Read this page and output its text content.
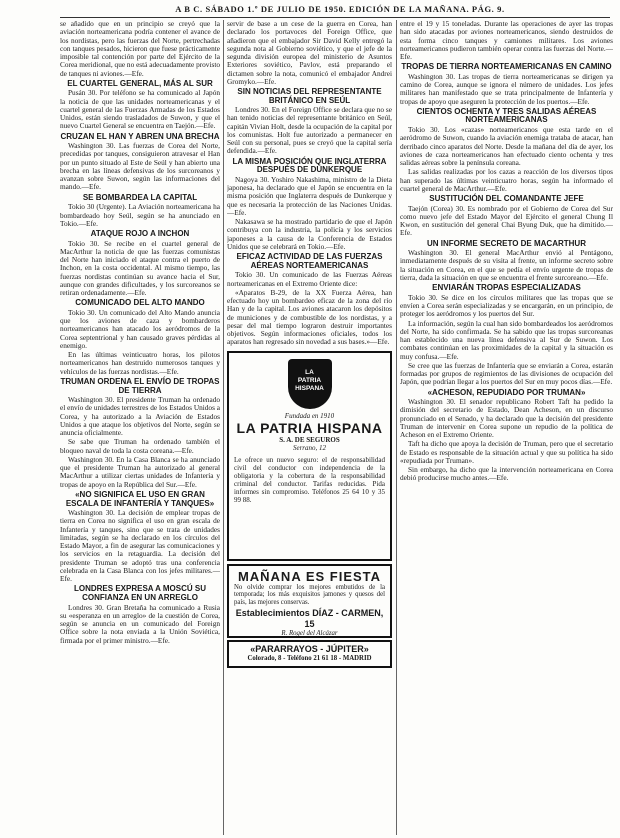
A B C. SÁBADO 1.º DE JULIO DE 1950. EDICIÓN DE LA MAÑANA. PÁG. 9.

se añadido que en un principio se creyó que la aviación norteamericana podría contener el avance de los nordistas, pero las fuerzas del Norte, pertrechadas con tanques pesados, hicieron que fuese prácticamente imposible tal contención por parte del Ejército de la Corea meridional, que no está adecuadamente provisto de tanques ni aviones.—Efe.

EL CUARTEL GENERAL, MÁS AL SUR

Pusán 30. Por teléfono se ha comunicado al Japón la noticia de que las unidades norteamericanas y el cuartel general de las Fuerzas Armadas de los Estados Unidos, están siendo trasladados de Suwon, y que el nuevo Cuartel General se encuentra en Taejón.—Efe.

CRUZAN EL HAN Y ABREN UNA BRECHA

Washington 30. Las fuerzas de Corea del Norte, precedidas por tanques, consiguieron atravesar el Han por un punto situado al Este de Seúl y han abierto una brecha en las líneas defensivas de los surcoreanos y avanzan sobre Suwon, según las informaciones del mando.—Efe.

SE BOMBARDEA LA CAPITAL

Tokio 30 (Urgente). La Aviación norteamericana ha bombardeado hoy Seúl, según se ha anunciado en Tokio.—Efe.

ATAQUE ROJO A INCHON

Tokio 30. Se recibe en el cuartel general de MacArthur la noticia de que las fuerzas comunistas del Norte han iniciado el ataque contra el puerto de Inchon, en la costa occidental. Al mismo tiempo, las fuerzas nordistas continúan su avance hacia el Sur, aunque con grandes dificultades, y los surcoreanos se retiran ordenadamente.—Efe.

COMUNICADO DEL ALTO MANDO

Tokio 30. Un comunicado del Alto Mando anuncia que los aviones de caza y bombarderos norteamericanos han atacado los aeródromos de la Corea septentrional y han causado graves pérdidas al enemigo.

En las últimas veinticuatro horas, los pilotos norteamericanos han destruido numerosos tanques y vehículos de las fuerzas nordistas.—Efe.

TRUMAN ORDENA EL ENVÍO DE TROPAS DE TIERRA

Washington 30. El presidente Truman ha ordenado el envío de unidades terrestres de los Estados Unidos a Corea, y ha autorizado a la Aviación de Estados Unidos a que ataque los objetivos del Norte, según se anuncia oficialmente.

Se sabe que Truman ha ordenado también el bloqueo naval de toda la costa coreana.—Efe.

Washington 30. En la Casa Blanca se ha anunciado que el presidente Truman ha autorizado al general MacArthur a utilizar ciertas unidades de Infantería y tropas de apoyo en la República del Sur.—Efe.

«NO SIGNIFICA EL USO EN GRAN ESCALA DE INFANTERÍA Y TANQUES»

Washington 30. La decisión de emplear tropas de tierra en Corea no significa el uso en gran escala de Infantería y tanques, sino que se trata de unidades limitadas, según se ha declarado en los círculos del Estado Mayor, a fin de asegurar las comunicaciones y los servicios en la retaguardia. La decisión del presidente Truman se adoptó tras una conferencia celebrada en la Casa Blanca con los jefes militares.—Efe.

LONDRES EXPRESA A MOSCÚ SU CONFIANZA EN UN ARREGLO

Londres 30. Gran Bretaña ha comunicado a Rusia su «esperanza en un arreglo» de la cuestión de Corea, según se anuncia en un comunicado del Foreign Office sobre la nota enviada a la Unión Soviética, firmada por el primer ministro.—Efe.

servir de base a un cese de la guerra en Corea, han declarado los portavoces del Foreign Office, que añadieron que el embajador Sir David Kelly entregó la segunda nota al Gobierno soviético, y que el jefe de la segunda división europea del ministerio de Asuntos Exteriores soviético, Pavlov, está preparando el dictamen sobre la nota, comunicó el embajador Andrei Gromyko.—Efe.

SIN NOTICIAS DEL REPRESENTANTE BRITÁNICO EN SEÚL

Londres 30. En el Foreign Office se declara que no se han tenido noticias del representante británico en Seúl, capitán Vivian Holt, desde la ocupación de la capital por los comunistas. Holt fue autorizado a permanecer en Seúl con su personal, pues se creyó que la capital sería defendida.—Efe.

LA MISMA POSICIÓN QUE INGLATERRA DESPUÉS DE DUNKERQUE

Nagoya 30. Yoshiro Nakashima, ministro de la Dieta japonesa, ha declarado que el Japón se encuentra en la misma posición que Inglaterra después de Dunkerque y que es necesaria la protección de las Naciones Unidas.—Efe.

Nakasawa se ha mostrado partidario de que el Japón contribuya con la industria, la policía y los servicios japoneses a la causa de la Conferencia de Estados Unidos que se celebrará en Tokio.—Efe.

EFICAZ ACTIVIDAD DE LAS FUERZAS AÉREAS NORTEAMERICANAS

Tokio 30. Un comunicado de las Fuerzas Aéreas norteamericanas en el Extremo Oriente dice:

«Aparatos B-29, de la XX Fuerza Aérea, han efectuado hoy un bombardeo eficaz de la zona del río Han y de la capital. Los aviones atacaron los depósitos de municiones y de combustible de los nordistas, y a pesar del mal tiempo lograron destruir importantes objetivos. Según informaciones oficiales, todos los aparatos han regresado sin novedad a sus bases.»—Efe.

LA
PATRIA
HISPANA
Fundada en 1910
LA PATRIA HISPANA
S. A. DE SEGUROS
Serrano, 12
Le ofrece un nuevo seguro: el de responsabilidad civil del conductor con independencia de la obligatoria y la cobertura de la responsabilidad criminal del conductor. Tarifas reducidas. Pida informes sin compromiso. Teléfonos 25 64 10 y 35 99 88.
MAÑANA ES FIESTA
No olvide comprar los mejores embutidos de la temporada; los más exquisitos jamones y quesos del país, las mejores conservas.
Establecimientos DÍAZ - CARMEN, 15
R. Rogel del Alcázar
«PARARRAYOS - JÚPITER»
Colorado, 8 - Teléfono 21 61 18 - MADRID

entre el 19 y 15 toneladas. Durante las operaciones de ayer las tropas han sido atacadas por aviones norteamericanos, siendo destruidos de esta forma cinco tanques y camiones militares. Los aviones norteamericanos pudieron también operar contra las fuerzas del Norte.—Efe.

TROPAS DE TIERRA NORTEAMERICANAS EN CAMINO

Washington 30. Las tropas de tierra norteamericanas se dirigen ya camino de Corea, aunque se ignora el número de unidades. Los jefes militares han manifestado que se trata principalmente de Infantería y tropas de apoyo que aseguren la protección de los puertos.—Efe.

CIENTOS OCHENTA Y TRES SALIDAS AÉREAS NORTEAMERICANAS

Tokio 30. Los «cazas» norteamericanos que esta tarde en el aeródromo de Suwon, cuando la aviación enemiga trataba de atacar, han derribado cinco aparatos del Norte. Desde la mañana del día de ayer, los aviones de caza norteamericanos han efectuado ciento ochenta y tres salidas aéreas sobre la península coreana.

Las salidas realizadas por los cazas a reacción de los diversos tipos han superado las últimas veinticuatro horas, según ha informado el cuartel general de MacArthur.—Efe.

SUSTITUCIÓN DEL COMANDANTE JEFE

Taejón (Corea) 30. Es nombrado por el Gobierno de Corea del Sur como nuevo jefe del Estado Mayor del Ejército el general Chung Il Kwon, en sustitución del general Chai Byung Duk, que ha dimitido.—Efe.

UN INFORME SECRETO DE MACARTHUR

Washington 30. El general MacArthur envió al Pentágono, inmediatamente después de su visita al frente, un informe secreto sobre la situación en Corea, en el que se pedía el envío urgente de tropas de tierra, dada la situación en que se encuentra el frente surcoreano.—Efe.

ENVIARÁN TROPAS ESPECIALIZADAS

Tokio 30. Se dice en los círculos militares que las tropas que se envíen a Corea serán especializadas y se encargarán, en un principio, de proteger los aeródromos y los puertos del Sur.

La información, según la cual han sido bombardeados los aeródromos del Norte, ha sido confirmada. Se ha sabido que las tropas surcoreanas han establecido una nueva línea defensiva al Sur de Suwon. Los combates continúan en las proximidades de la capital y la situación es muy confusa.—Efe.

Se cree que las fuerzas de Infantería que se enviarán a Corea, estarán formadas por grupos de regimientos de las divisiones de ocupación del Japón, que podrían llegar a los puertos del Sur en muy pocos días.—Efe.

«ACHESON, REPUDIADO POR TRUMAN»

Washington 30. El senador republicano Robert Taft ha pedido la dimisión del secretario de Estado, Dean Acheson, en un discurso pronunciado en el Senado, y ha declarado que la decisión del presidente Truman de intervenir en Corea supone un repudio de la política de Acheson en el Extremo Oriente.

Taft ha dicho que apoya la decisión de Truman, pero que el secretario de Estado es responsable de la situación actual y que su política ha sido «repudiada por Truman».

Sin embargo, ha dicho que la intervención norteamericana en Corea debió producirse mucho antes.—Efe.
